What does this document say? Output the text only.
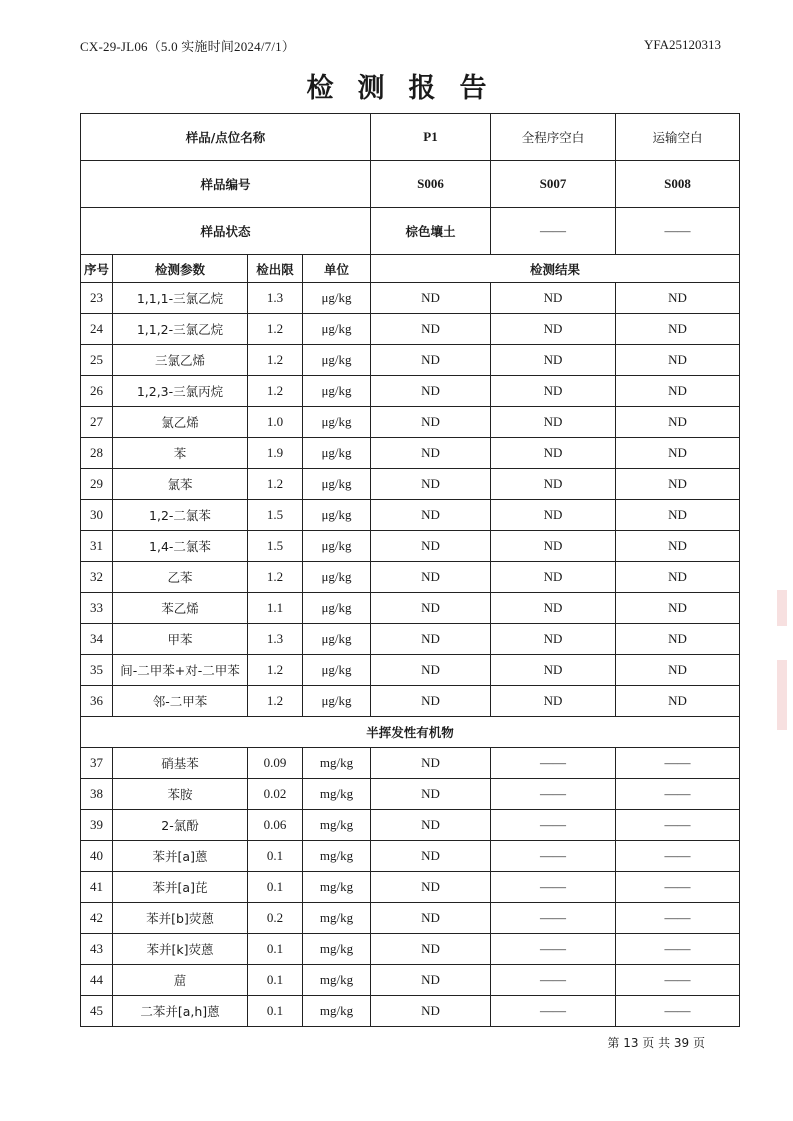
CX-29-JL06（5.0 实施时间2024/7/1）	YFA25120313
检测报告
样品/点位名称				P1	全程序空白	运输空白
样品编号				S006	S007	S008
样品状态				棕色壤土	——	——
序号	检测参数	检出限	单位	检测结果		
23	1,1,1-三氯乙烷	1.3	μg/kg	ND	ND	ND
24	1,1,2-三氯乙烷	1.2	μg/kg	ND	ND	ND
25	三氯乙烯	1.2	μg/kg	ND	ND	ND
26	1,2,3-三氯丙烷	1.2	μg/kg	ND	ND	ND
27	氯乙烯	1.0	μg/kg	ND	ND	ND
28	苯	1.9	μg/kg	ND	ND	ND
29	氯苯	1.2	μg/kg	ND	ND	ND
30	1,2-二氯苯	1.5	μg/kg	ND	ND	ND
31	1,4-二氯苯	1.5	μg/kg	ND	ND	ND
32	乙苯	1.2	μg/kg	ND	ND	ND
33	苯乙烯	1.1	μg/kg	ND	ND	ND
34	甲苯	1.3	μg/kg	ND	ND	ND
35	间-二甲苯+对-二甲苯	1.2	μg/kg	ND	ND	ND
36	邻-二甲苯	1.2	μg/kg	ND	ND	ND
半挥发性有机物						
37	硝基苯	0.09	mg/kg	ND	——	——
38	苯胺	0.02	mg/kg	ND	——	——
39	2-氯酚	0.06	mg/kg	ND	——	——
40	苯并[a]蒽	0.1	mg/kg	ND	——	——
41	苯并[a]芘	0.1	mg/kg	ND	——	——
42	苯并[b]荧蒽	0.2	mg/kg	ND	——	——
43	苯并[k]荧蒽	0.1	mg/kg	ND	——	——
44	䓛	0.1	mg/kg	ND	——	——
45	二苯并[a,h]蒽	0.1	mg/kg	ND	——	——
第 13 页 共 39 页
